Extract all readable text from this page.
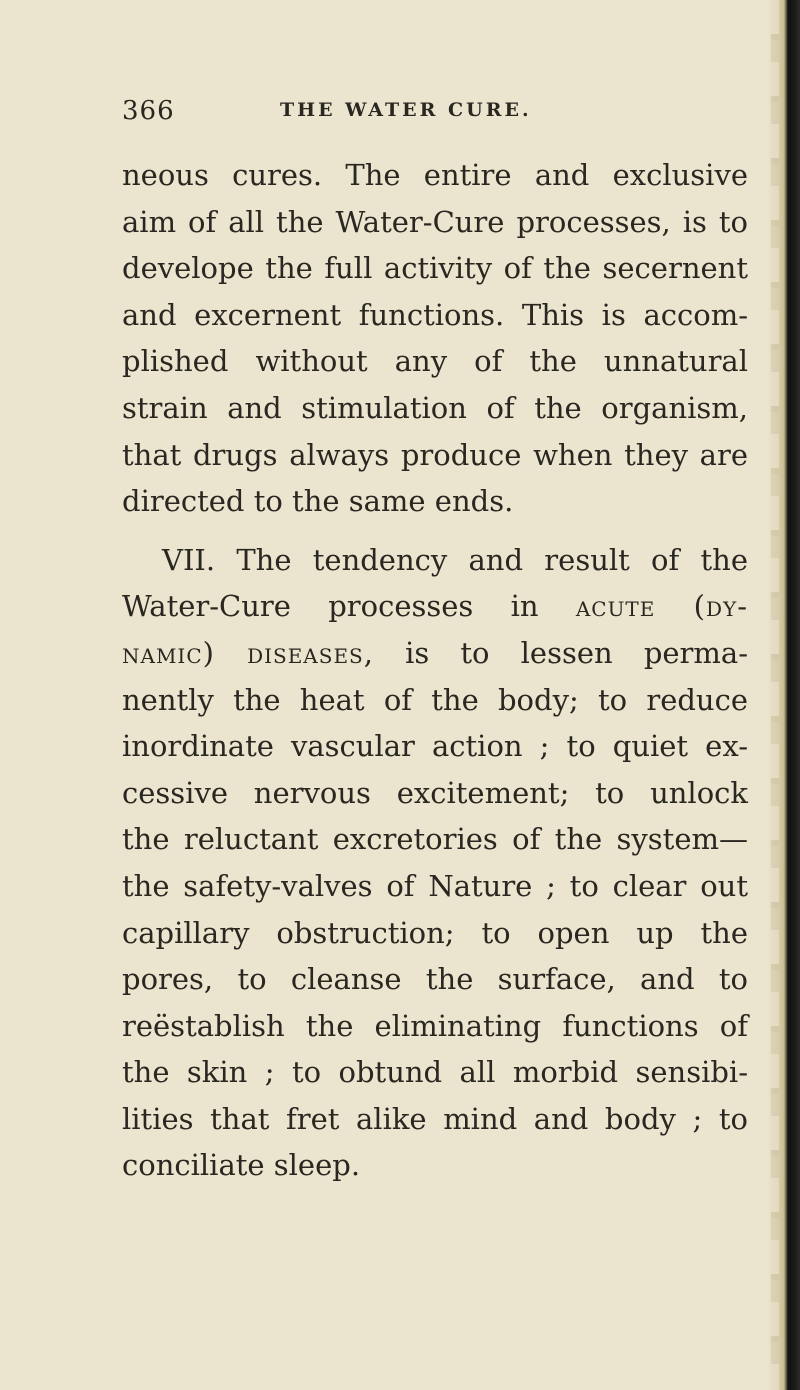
366	THE WATER CURE.
neous cures. The entire and exclusive
aim of all the Water-Cure processes, is to
develope the full activity of the secernent
and excernent functions. This is accom-
plished without any of the unnatural
strain and stimulation of the organism,
that drugs always produce when they are
directed to the same ends.
VII. The tendency and result of the
Water-Cure processes in acute (dy-
namic) diseases, is to lessen perma-
nently the heat of the body; to reduce
inordinate vascular action ; to quiet ex-
cessive nervous excitement; to unlock
the reluctant excretories of the system—
the safety-valves of Nature ; to clear out
capillary obstruction; to open up the
pores, to cleanse the surface, and to
reëstablish the eliminating functions of
the skin ; to obtund all morbid sensibi-
lities that fret alike mind and body ; to
conciliate sleep.
